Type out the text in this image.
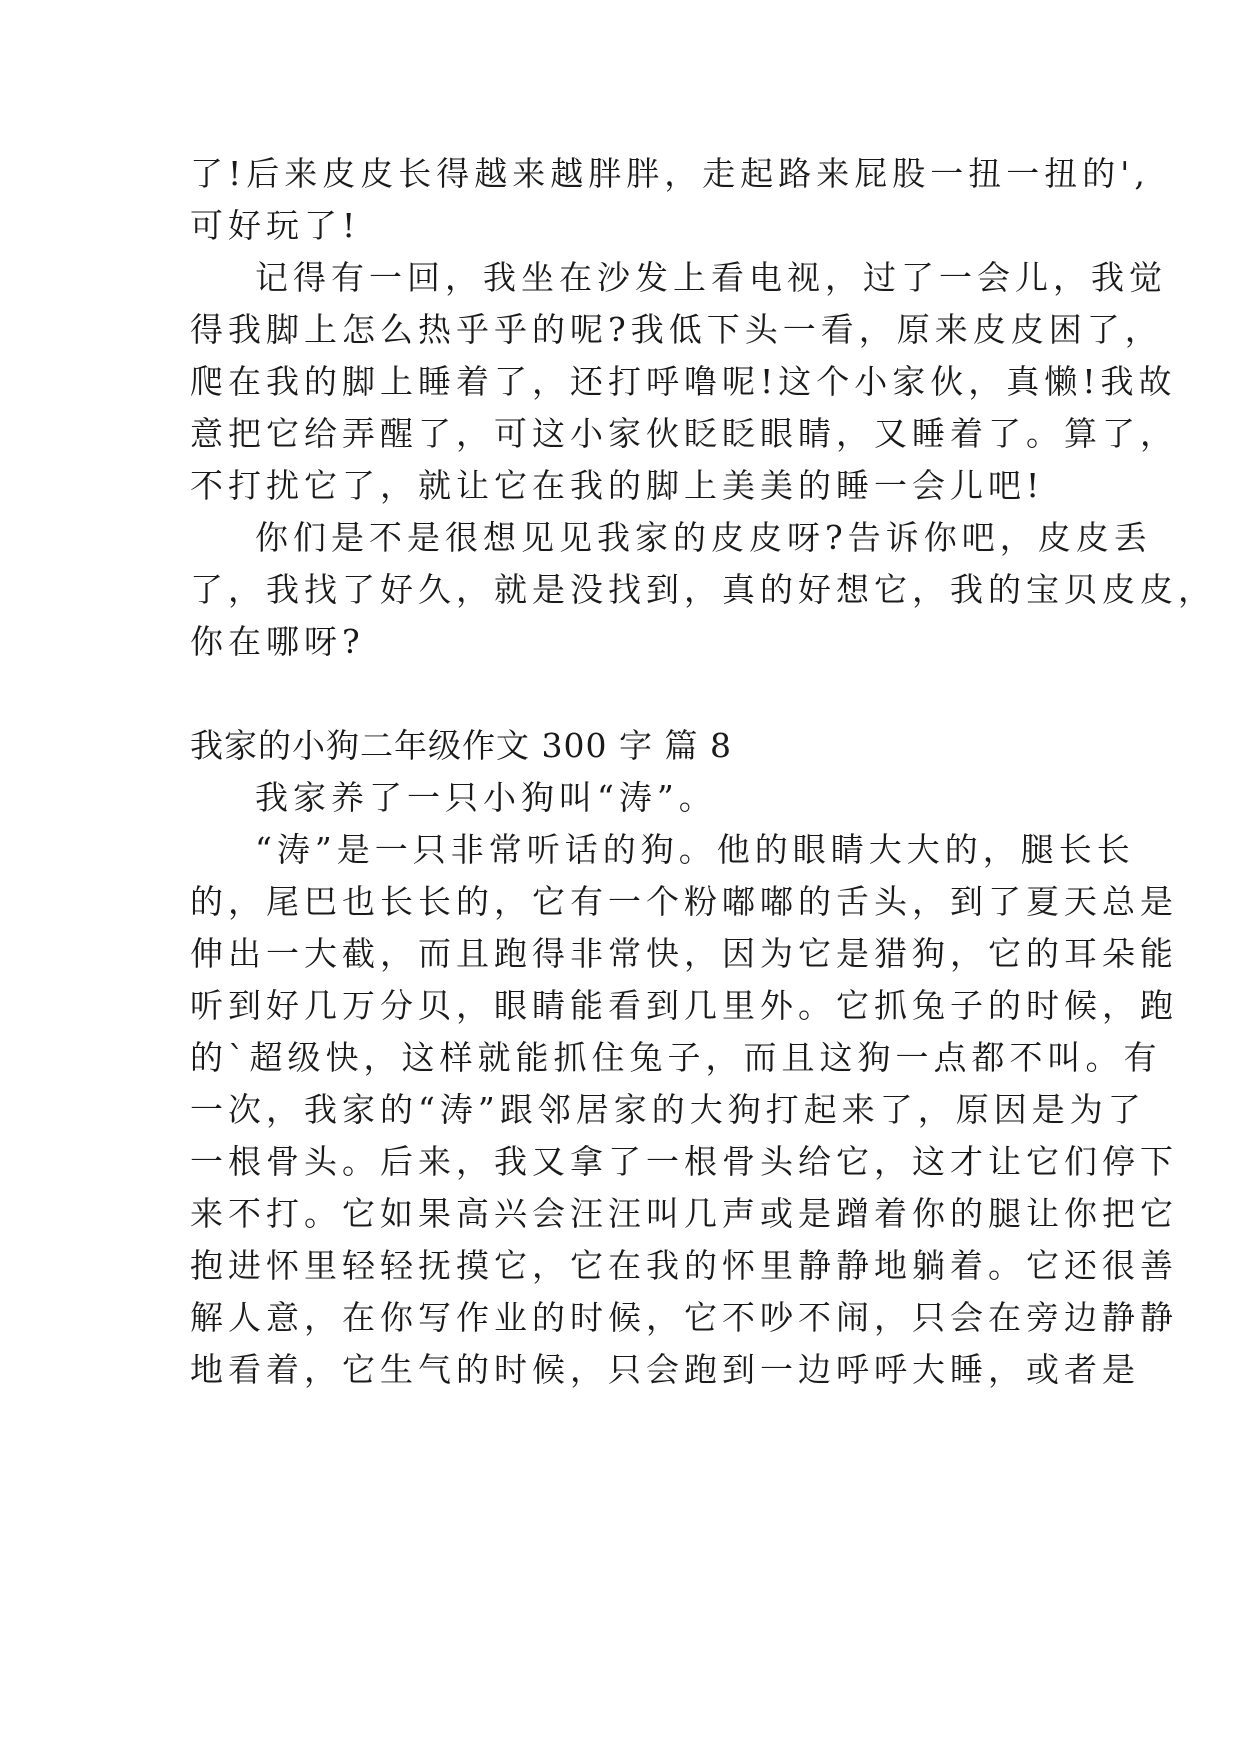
了!后来皮皮长得越来越胖胖，走起路来屁股一扭一扭的',
可好玩了!
记得有一回，我坐在沙发上看电视，过了一会儿，我觉
得我脚上怎么热乎乎的呢?我低下头一看，原来皮皮困了，
爬在我的脚上睡着了，还打呼噜呢!这个小家伙，真懒!我故
意把它给弄醒了，可这小家伙眨眨眼睛，又睡着了。算了，
不打扰它了，就让它在我的脚上美美的睡一会儿吧!
你们是不是很想见见我家的皮皮呀?告诉你吧，皮皮丢
了，我找了好久，就是没找到，真的好想它，我的宝贝皮皮，
你在哪呀?
我家的小狗二年级作文 300 字 篇 8
我家养了一只小狗叫“涛”。
“涛”是一只非常听话的狗。他的眼睛大大的，腿长长
的，尾巴也长长的，它有一个粉嘟嘟的舌头，到了夏天总是
伸出一大截，而且跑得非常快，因为它是猎狗，它的耳朵能
听到好几万分贝，眼睛能看到几里外。它抓兔子的时候，跑
的`超级快，这样就能抓住兔子，而且这狗一点都不叫。有
一次，我家的“涛”跟邻居家的大狗打起来了，原因是为了
一根骨头。后来，我又拿了一根骨头给它，这才让它们停下
来不打。它如果高兴会汪汪叫几声或是蹭着你的腿让你把它
抱进怀里轻轻抚摸它，它在我的怀里静静地躺着。它还很善
解人意，在你写作业的时候，它不吵不闹，只会在旁边静静
地看着，它生气的时候，只会跑到一边呼呼大睡，或者是
